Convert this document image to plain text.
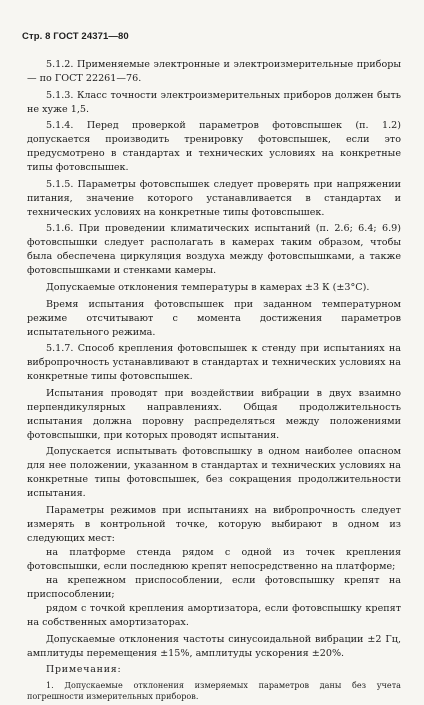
Стр. 8 ГОСТ 24371—80

5.1.2. Применяемые электронные и электроизмерительные приборы — по ГОСТ 22261—76.

5.1.3. Класс точности электроизмерительных приборов должен быть не хуже 1,5.

5.1.4. Перед проверкой параметров фотовспышек (п. 1.2) допускается производить тренировку фотовспышек, если это предусмотрено в стандартах и технических условиях на конкретные типы фотовспышек.

5.1.5. Параметры фотовспышек следует проверять при напряжении питания, значение которого устанавливается в стандартах и технических условиях на конкретные типы фотовспышек.

5.1.6. При проведении климатических испытаний (п. 2.6; 6.4; 6.9) фотовспышки следует располагать в камерах таким образом, чтобы была обеспечена циркуляция воздуха между фотовспышками, а также фотовспышками и стенками камеры.

Допускаемые отклонения температуры в камерах ±3 К (±3°С).

Время испытания фотовспышек при заданном температурном режиме отсчитывают с момента достижения параметров испытательного режима.

5.1.7. Способ крепления фотовспышек к стенду при испытаниях на вибропрочность устанавливают в стандартах и технических условиях на конкретные типы фотовспышек.

Испытания проводят при воздействии вибрации в двух взаимно перпендикулярных направлениях. Общая продолжительность испытания должна поровну распределяться между положениями фотовспышки, при которых проводят испытания.

Допускается испытывать фотовспышку в одном наиболее опасном для нее положении, указанном в стандартах и технических условиях на конкретные типы фотовспышек, без сокращения продолжительности испытания.

Параметры режимов при испытаниях на вибропрочность следует измерять в контрольной точке, которую выбирают в одном из следующих мест:

на платформе стенда рядом с одной из точек крепления фотовспышки, если последнюю крепят непосредственно на платформе;

на крепежном приспособлении, если фотовспышку крепят на приспособлении;

рядом с точкой крепления амортизатора, если фотовспышку крепят на собственных амортизаторах.

Допускаемые отклонения частоты синусоидальной вибрации ±2 Гц, амплитуды перемещения ±15%, амплитуды ускорения ±20%.

Примечания:

1. Допускаемые отклонения измеряемых параметров даны без учета погрешности измерительных приборов.
